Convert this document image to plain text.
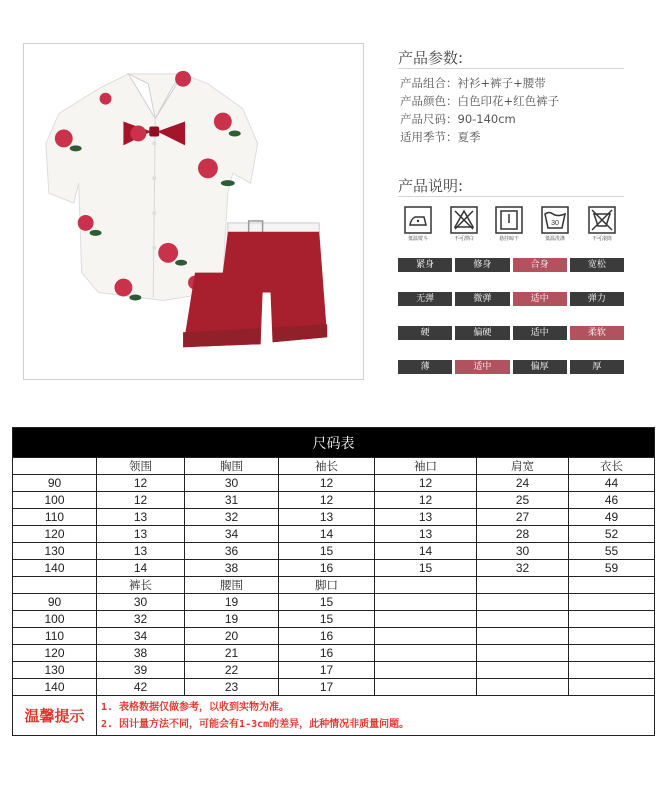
产品参数:
产品组合：衬衫+裤子+腰带
产品颜色：白色印花+红色裤子
产品尺码：90-140cm
适用季节：夏季
产品说明:
低温熨斗	不可漂白	悬挂晾干
30
低温洗涤	不可滚筒
紧身	修身	合身	宽松
无弹	微弹	适中	弹力
硬	偏硬	适中	柔软
薄	适中	偏厚	厚
尺码表						
	领围	胸围	袖长	袖口	肩宽	衣长
90	12	30	12	12	24	44
100	12	31	12	12	25	46
110	13	32	13	13	27	49
120	13	34	14	13	28	52
130	13	36	15	14	30	55
140	14	38	16	15	32	59
	裤长	腰围	脚口			
90	30	19	15			
100	32	19	15			
110	34	20	16			
120	38	21	16			
130	39	22	17			
140	42	23	17			
温馨提示	1. 表格数据仅做参考，以收到实物为准。
2. 因计量方法不同，可能会有1-3cm的差异，此种情况非质量问题。					
